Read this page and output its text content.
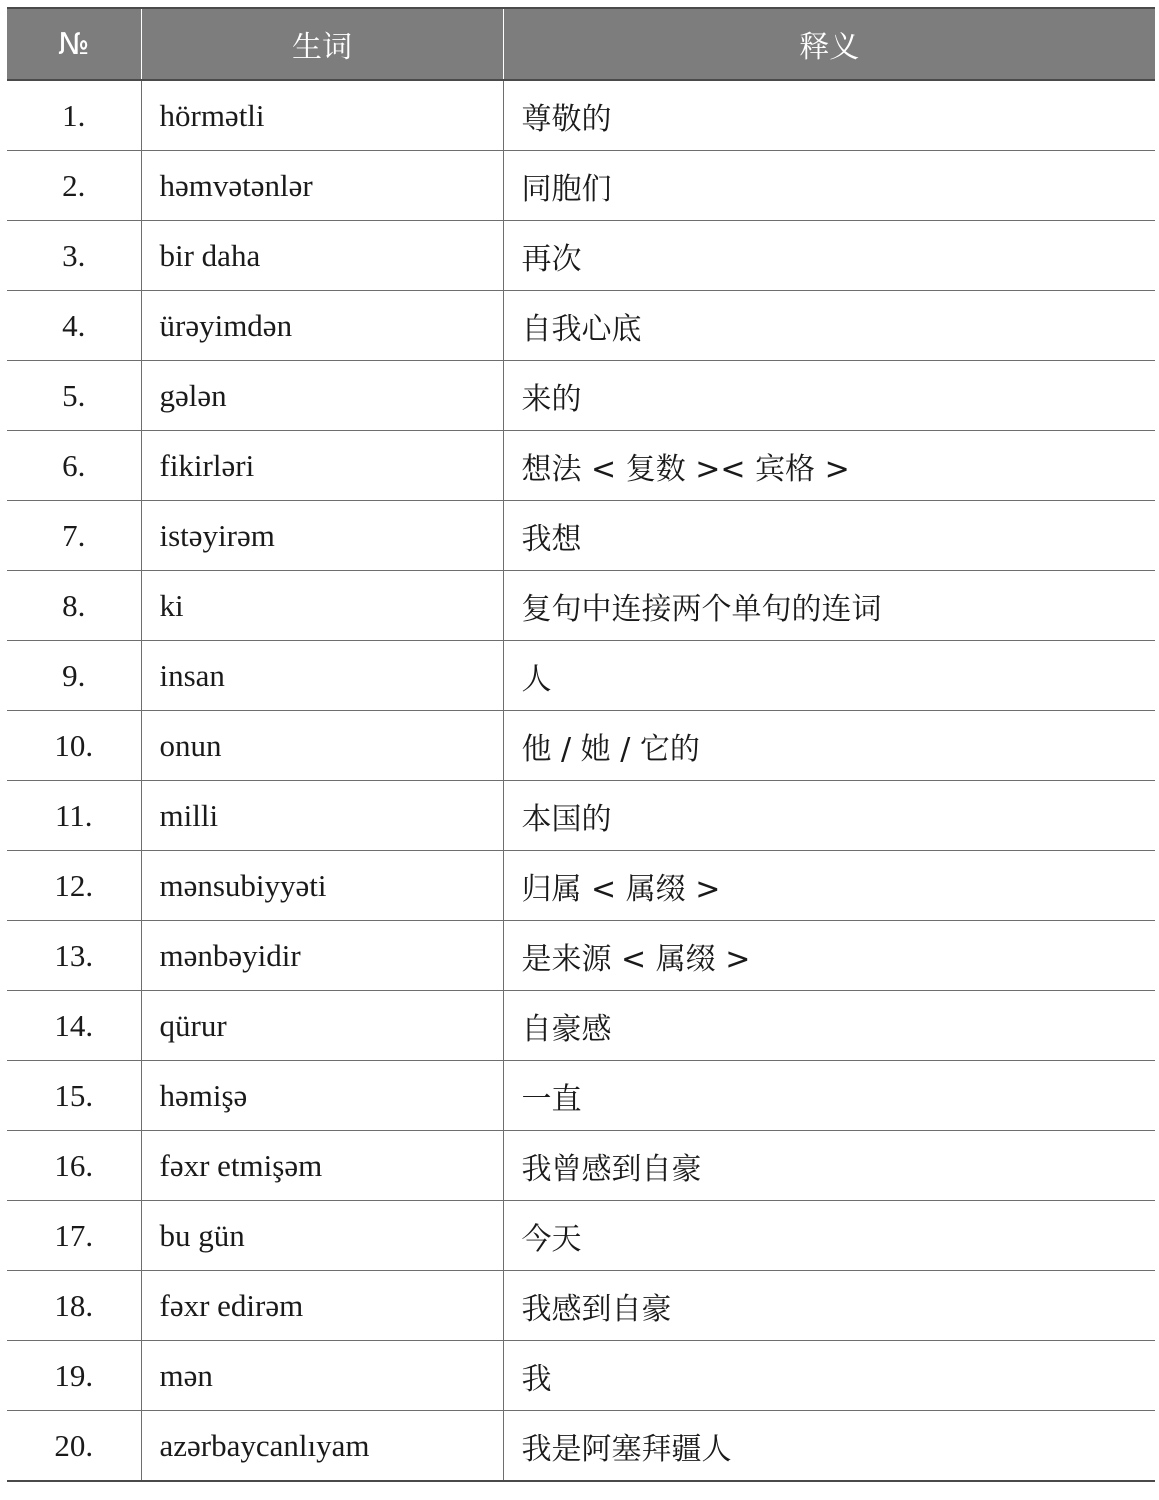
№	生词	释义
1.	hörmətli	尊敬的
2.	həmvətənlər	同胞们
3.	bir daha	再次
4.	ürəyimdən	自我心底
5.	gələn	来的
6.	fikirləri	想法 < 复数 >< 宾格 >
7.	istəyirəm	我想
8.	ki	复句中连接两个单句的连词
9.	insan	人
10.	onun	他 / 她 / 它的
11.	milli	本国的
12.	mənsubiyyəti	归属 < 属缀 >
13.	mənbəyidir	是来源 < 属缀 >
14.	qürur	自豪感
15.	həmişə	一直
16.	fəxr etmişəm	我曾感到自豪
17.	bu gün	今天
18.	fəxr edirəm	我感到自豪
19.	mən	我
20.	azərbaycanlıyam	我是阿塞拜疆人
